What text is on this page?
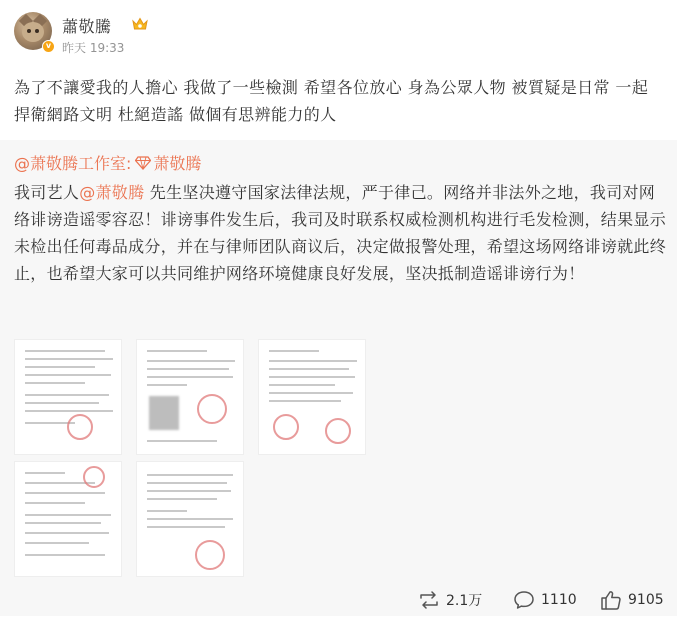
v
蕭敬騰
昨天 19:33
為了不讓愛我的人擔心 我做了一些檢測 希望各位放心 身為公眾人物 被質疑是日常 一起捍衛網路文明 杜絕造謠 做個有思辨能力的人
@萧敬腾工作室: 萧敬腾
我司艺人@萧敬腾 先生坚决遵守国家法律法规，严于律己。网络并非法外之地，我司对网络诽谤造谣零容忍！诽谤事件发生后，我司及时联系权威检测机构进行毛发检测，结果显示未检出任何毒品成分，并在与律师团队商议后，决定做报警处理，希望这场网络诽谤就此终止，也希望大家可以共同维护网络环境健康良好发展，坚决抵制造谣诽谤行为！
2.1万	1110	9105
